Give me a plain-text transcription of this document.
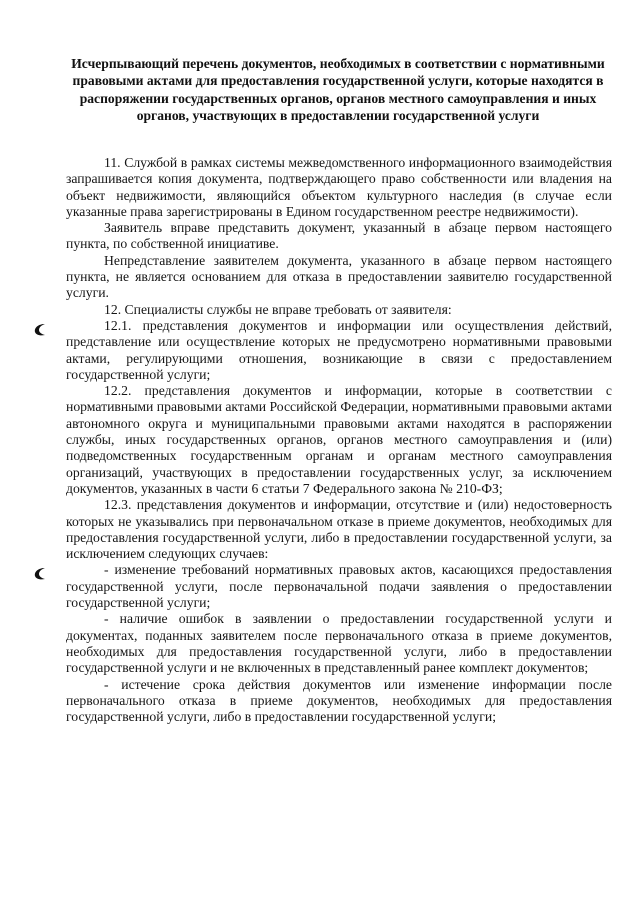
Исчерпывающий перечень документов, необходимых в соответствии с нормативными правовыми актами для предоставления государственной услуги, которые находятся в распоряжении государственных органов, органов местного самоуправления и иных органов, участвующих в предоставлении государственной услуги

11. Службой в рамках системы межведомственного информационного взаимодействия запрашивается копия документа, подтверждающего право собственности или владения на объект недвижимости, являющийся объектом культурного наследия (в случае если указанные права зарегистрированы в Едином государственном реестре недвижимости).

Заявитель вправе представить документ, указанный в абзаце первом настоящего пункта, по собственной инициативе.

Непредставление заявителем документа, указанного в абзаце первом настоящего пункта, не является основанием для отказа в предоставлении заявителю государственной услуги.

12. Специалисты службы не вправе требовать от заявителя:

12.1. представления документов и информации или осуществления действий, представление или осуществление которых не предусмотрено нормативными правовыми актами, регулирующими отношения, возникающие в связи с предоставлением государственной услуги;

12.2. представления документов и информации, которые в соответствии с нормативными правовыми актами Российской Федерации, нормативными правовыми актами автономного округа и муниципальными правовыми актами находятся в распоряжении службы, иных государственных органов, органов местного самоуправления и (или) подведомственных государственным органам и органам местного самоуправления организаций, участвующих в предоставлении государственных услуг, за исключением документов, указанных в части 6 статьи 7 Федерального закона № 210-ФЗ;

12.3. представления документов и информации, отсутствие и (или) недостоверность которых не указывались при первоначальном отказе в приеме документов, необходимых для предоставления государственной услуги, либо в предоставлении государственной услуги, за исключением следующих случаев:

- изменение требований нормативных правовых актов, касающихся предоставления государственной услуги, после первоначальной подачи заявления о предоставлении государственной услуги;

- наличие ошибок в заявлении о предоставлении государственной услуги и документах, поданных заявителем после первоначального отказа в приеме документов, необходимых для предоставления государственной услуги, либо в предоставлении государственной услуги и не включенных в представленный ранее комплект документов;

- истечение срока действия документов или изменение информации после первоначального отказа в приеме документов, необходимых для предоставления государственной услуги, либо в предоставлении государственной услуги;
